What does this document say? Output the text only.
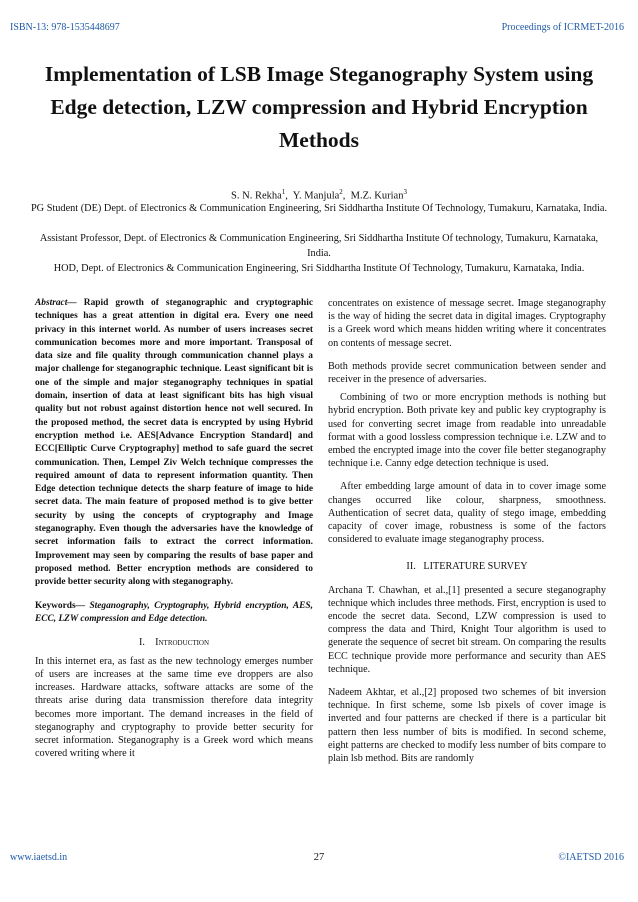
ISBN-13: 978-1535448697	Proceedings of ICRMET-2016
Implementation of LSB Image Steganography System using Edge detection, LZW compression and Hybrid Encryption Methods
S. N. Rekha$^1$,  Y. Manjula$^2$,  M.Z. Kurian$^3$

PG Student (DE) Dept. of Electronics & Communication Engineering, Sri Siddhartha Institute Of Technology, Tumakuru, Karnataka, India.

Assistant Professor, Dept. of Electronics & Communication Engineering, Sri Siddhartha Institute Of technology, Tumakuru, Karnataka, India.

HOD, Dept. of Electronics & Communication Engineering, Sri Siddhartha Institute Of Technology, Tumakuru, Karnataka, India.

Abstract— Rapid growth of steganographic and cryptographic techniques has a great attention in digital era. Every one need privacy in this internet world. As number of users increases secret communication becomes more and more important. Transposal of data size and file quality through communication channel plays a major challenge for steganographic technique. Least significant bit is one of the simple and major steganography techniques in spatial domain, insertion of data at least significant bits has high visual quality but not robust against distortion hence not well secured. In the proposed method, the secret data is encrypted by using Hybrid encryption method i.e. AES[Advance Encryption Standard] and ECC[Elliptic Curve Cryptography] method to safe guard the secret communication. Then, Lempel Ziv Welch technique compresses the required amount of data to represent information quantity. Then Edge detection technique detects the sharp feature of image to hide secret data. The main feature of proposed method is to give better security by using the concepts of cryptography and Image steganography. Even though the adversaries have the knowledge of secret information fails to extract the correct information. Improvement may seen by comparing the results of base paper and proposed method. Better encryption methods are considered to provide better security along with steganography.

Keywords— Steganography, Cryptography, Hybrid encryption, AES, ECC, LZW compression and Edge detection.

I. Introduction

In this internet era, as fast as the new technology emerges number of users are increases at the same time eve droppers are also increases. Hardware attacks, software attacks are some of the threats arise during data transmission therefore data integrity becomes more important. The demand increases in the field of steganography and cryptography to provide better security for secret information. Steganography is a Greek word which means covered writing where it

concentrates on existence of message secret. Image steganography is the way of hiding the secret data in digital images. Cryptography is a Greek word which means hidden writing where it concentrates on contents of message secret.

Both methods provide secret communication between sender and receiver in the presence of adversaries.

Combining of two or more encryption methods is nothing but hybrid encryption. Both private key and public key cryptography is used for converting secret image from readable into unreadable format with a good lossless compression technique i.e. LZW and to embed the encrypted image into the cover file better steganography technique i.e. Canny edge detection technique is used.

After embedding large amount of data in to cover image some changes occurred like colour, sharpness, smoothness. Authentication of secret data, quality of stego image, embedding capacity of cover image, robustness is some of the factors considered to evaluate image steganography process.

II. LITERATURE SURVEY

Archana T. Chawhan, et al.,[1] presented a secure steganography technique which includes three methods. First, encryption is used to encode the secret data. Second, LZW compression is used to compress the data and Third, Knight Tour algorithm is used to generate the sequence of secret bit stream. On comparing the results ECC technique provide more performance and security than AES technique.

Nadeem Akhtar, et al.,[2] proposed two schemes of bit inversion technique. In first scheme, some lsb pixels of cover image is inverted and four patterns are checked if there is a particular bit pattern then less number of bits is modified. In second scheme, eight patterns are checked to modify less number of bits compare to plain lsb method. Bits are randomly

www.iaetsd.in	27	©IAETSD 2016
